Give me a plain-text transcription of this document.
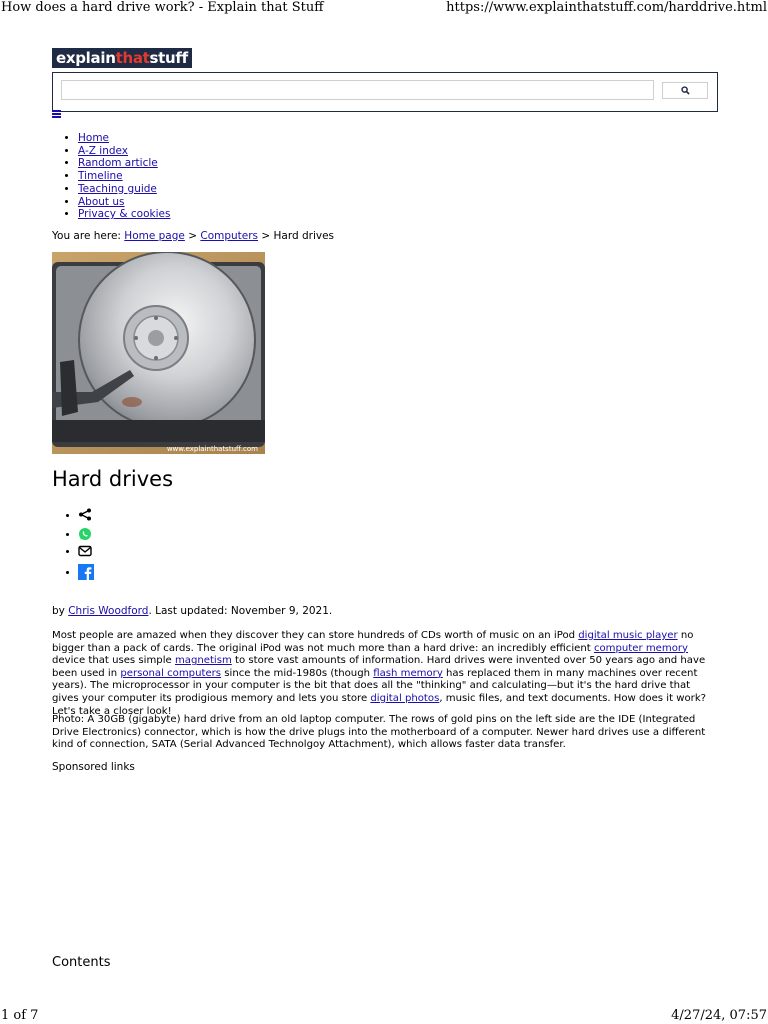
How does a hard drive work? - Explain that Stuff	https://www.explainthatstuff.com/harddrive.html
explainthatstuff
• Home
• A-Z index
• Random article
• Timeline
• Teaching guide
• About us
• Privacy & cookies
You are here: Home page > Computers > Hard drives
www.explainthatstuff.com
Hard drives
•
•
•
•
by Chris Woodford. Last updated: November 9, 2021.

Most people are amazed when they discover they can store hundreds of CDs worth of music on an iPod digital music player no bigger than a pack of cards. The original iPod was not much more than a hard drive: an incredibly efficient computer memory device that uses simple magnetism to store vast amounts of information. Hard drives were invented over 50 years ago and have been used in personal computers since the mid-1980s (though flash memory has replaced them in many machines over recent years). The microprocessor in your computer is the bit that does all the "thinking" and calculating—but it's the hard drive that gives your computer its prodigious memory and lets you store digital photos, music files, and text documents. How does it work? Let's take a closer look!

Photo: A 30GB (gigabyte) hard drive from an old laptop computer. The rows of gold pins on the left side are the IDE (Integrated Drive Electronics) connector, which is how the drive plugs into the motherboard of a computer. Newer hard drives use a different kind of connection, SATA (Serial Advanced Technolgoy Attachment), which allows faster data transfer.

Sponsored links
Contents
1 of 7	4/27/24, 07:57
